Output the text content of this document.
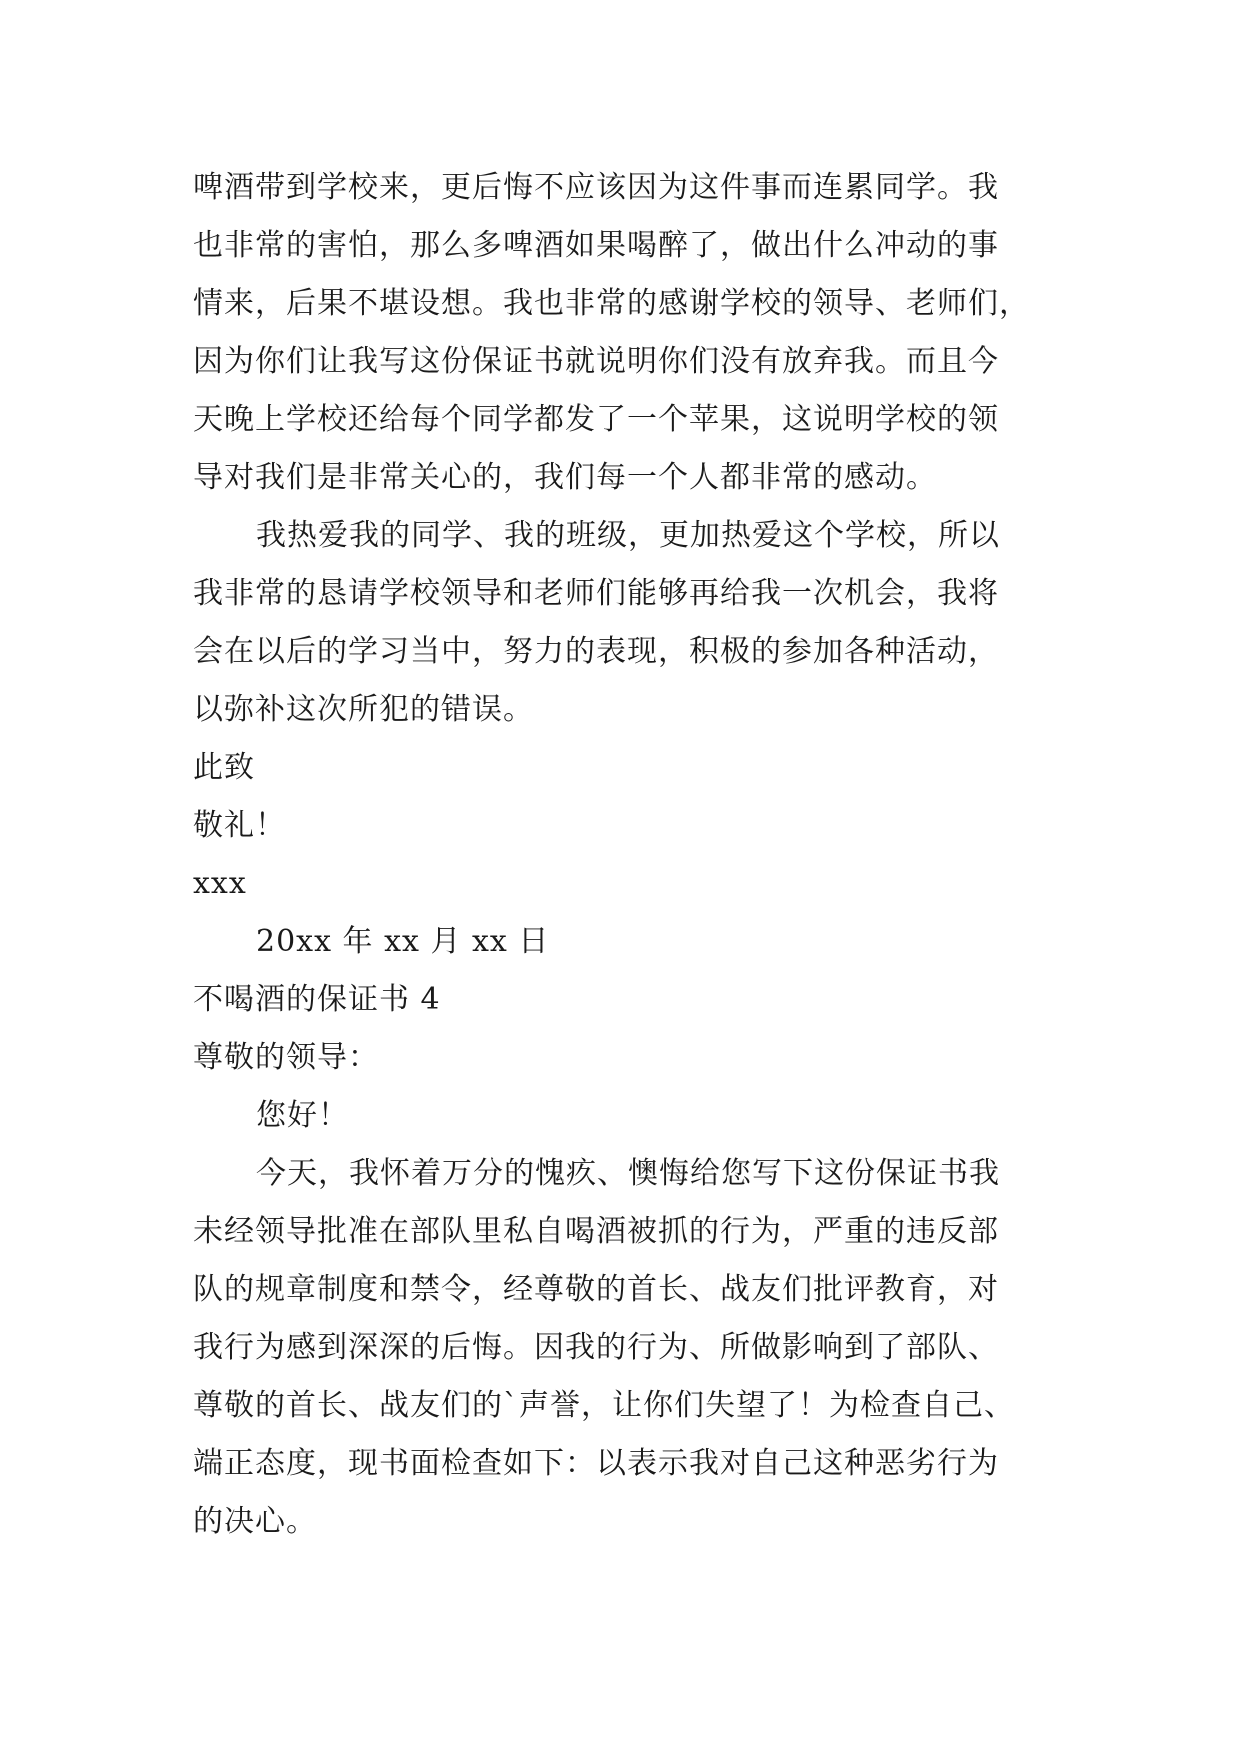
啤酒带到学校来，更后悔不应该因为这件事而连累同学。我
也非常的害怕，那么多啤酒如果喝醉了，做出什么冲动的事
情来，后果不堪设想。我也非常的感谢学校的领导、老师们，
因为你们让我写这份保证书就说明你们没有放弃我。而且今
天晚上学校还给每个同学都发了一个苹果，这说明学校的领
导对我们是非常关心的，我们每一个人都非常的感动。
我热爱我的同学、我的班级，更加热爱这个学校，所以
我非常的恳请学校领导和老师们能够再给我一次机会，我将
会在以后的学习当中，努力的表现，积极的参加各种活动，
以弥补这次所犯的错误。
此致
敬礼！
xxx
20xx 年 xx 月 xx 日
不喝酒的保证书 4
尊敬的领导：
您好！
今天，我怀着万分的愧疚、懊悔给您写下这份保证书我
未经领导批准在部队里私自喝酒被抓的行为，严重的违反部
队的规章制度和禁令，经尊敬的首长、战友们批评教育，对
我行为感到深深的后悔。因我的行为、所做影响到了部队、
尊敬的首长、战友们的`声誉，让你们失望了！为检查自己、
端正态度，现书面检查如下：以表示我对自己这种恶劣行为
的决心。
